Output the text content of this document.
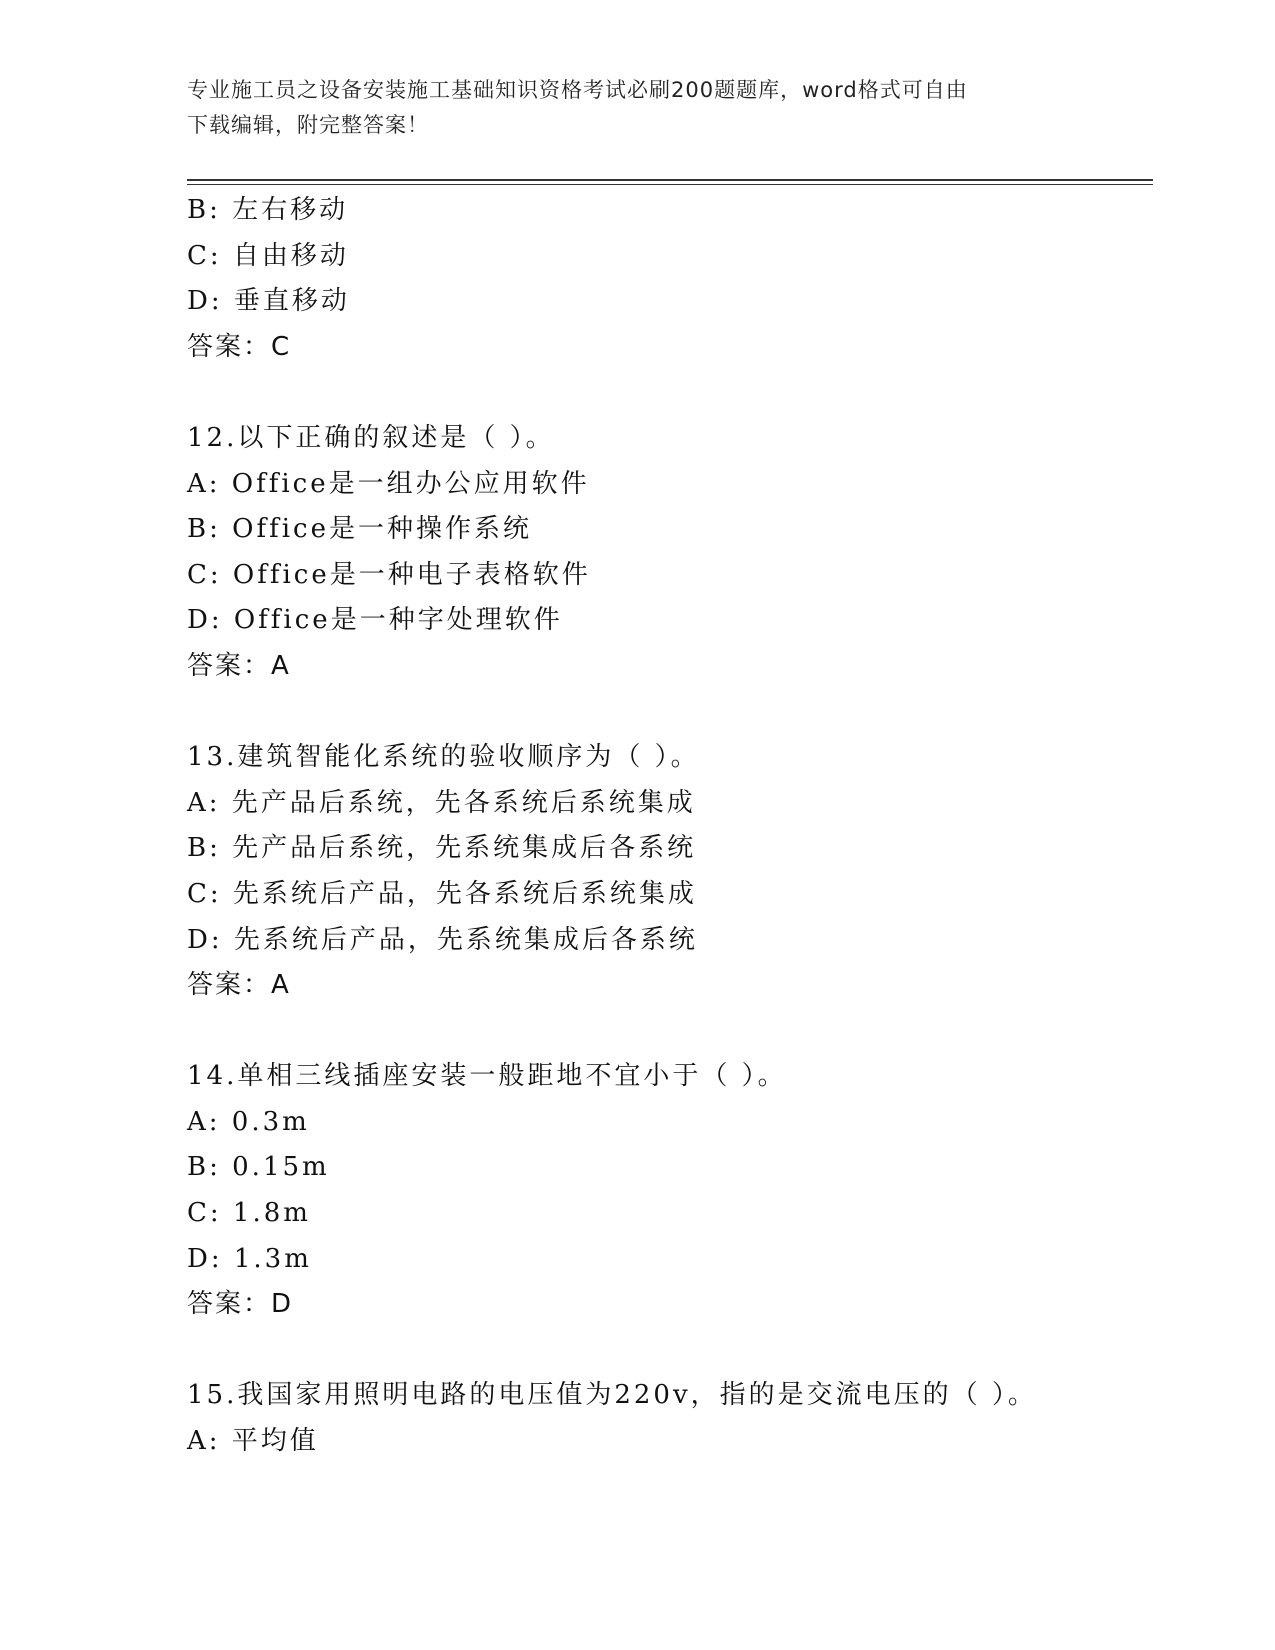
专业施工员之设备安装施工基础知识资格考试必刷200题题库，word格式可自由
下载编辑，附完整答案！
B: 左右移动
C: 自由移动
D: 垂直移动
答案：C
12.以下正确的叙述是（ ）。
A: Office是一组办公应用软件
B: Office是一种操作系统
C: Office是一种电子表格软件
D: Office是一种字处理软件
答案：A
13.建筑智能化系统的验收顺序为（ ）。
A: 先产品后系统，先各系统后系统集成
B: 先产品后系统，先系统集成后各系统
C: 先系统后产品，先各系统后系统集成
D: 先系统后产品，先系统集成后各系统
答案：A
14.单相三线插座安装一般距地不宜小于（ ）。
A: 0.3m
B: 0.15m
C: 1.8m
D: 1.3m
答案：D
15.我国家用照明电路的电压值为220v，指的是交流电压的（ ）。
A: 平均值
